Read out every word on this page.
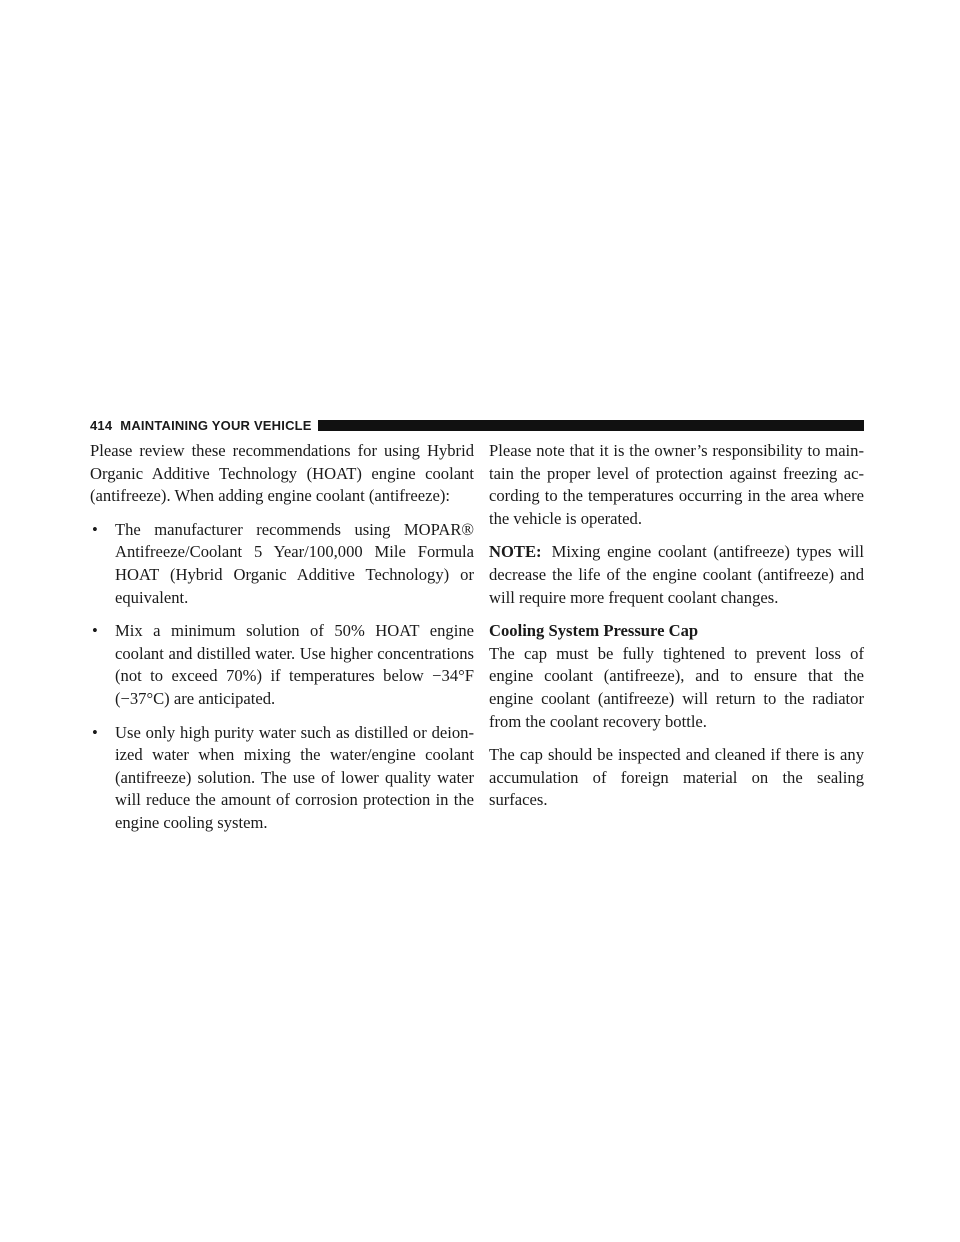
414 MAINTAINING YOUR VEHICLE

Please review these recommendations for using Hybrid Organic Additive Technology (HOAT) engine coolant (antifreeze). When adding engine coolant (antifreeze):

• The manufacturer recommends using MOPAR® Antifreeze/Coolant 5 Year/100,000 Mile Formula HOAT (Hybrid Organic Additive Technology) or equivalent.
• Mix a minimum solution of 50% HOAT engine coolant and distilled water. Use higher concentrations (not to exceed 70%) if temperatures below −34°F (−37°C) are anticipated.
• Use only high purity water such as distilled or deion-ized water when mixing the water/engine coolant (antifreeze) solution. The use of lower quality water will reduce the amount of corrosion protection in the engine cooling system.

Please note that it is the owner’s responsibility to main-tain the proper level of protection against freezing ac-cording to the temperatures occurring in the area where the vehicle is operated.

NOTE: Mixing engine coolant (antifreeze) types will decrease the life of the engine coolant (antifreeze) and will require more frequent coolant changes.

Cooling System Pressure Cap

The cap must be fully tightened to prevent loss of engine coolant (antifreeze), and to ensure that the engine coolant (antifreeze) will return to the radiator from the coolant recovery bottle.

The cap should be inspected and cleaned if there is any accumulation of foreign material on the sealing surfaces.
